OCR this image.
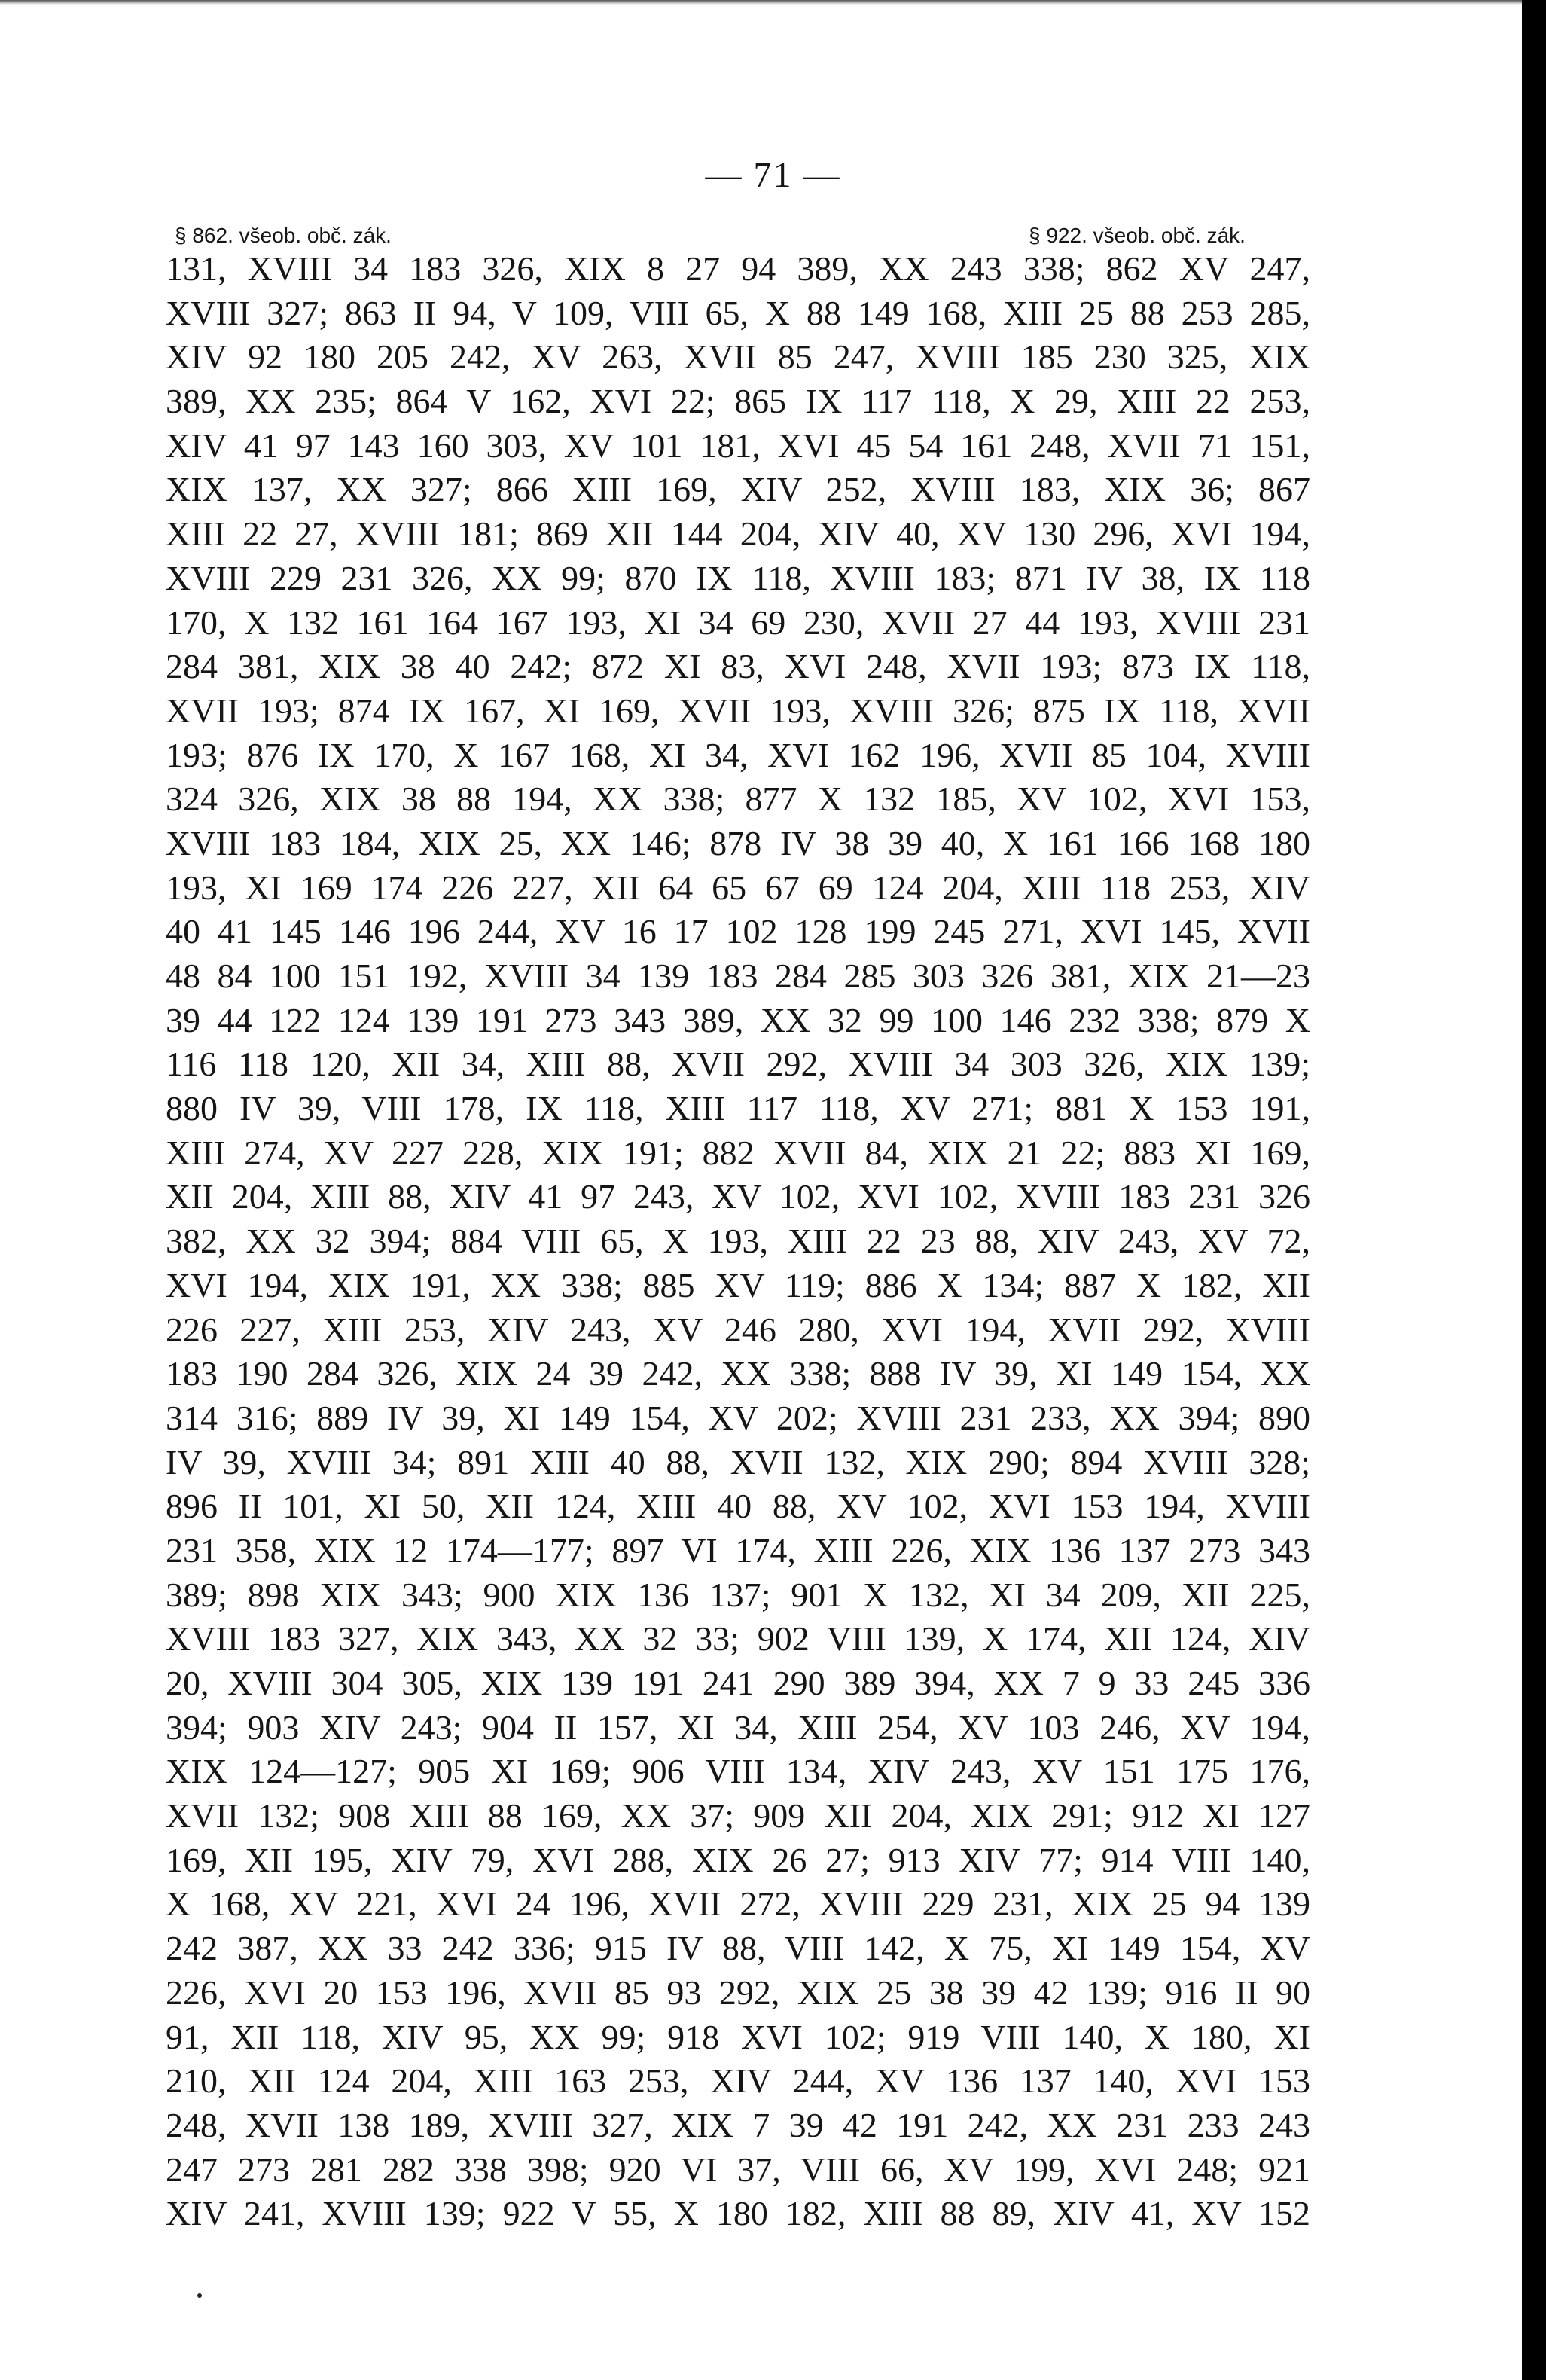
— 71 —
§ 862. všeob. obč. zák.	§ 922. všeob. obč. zák.
131, XVIII 34 183 326, XIX 8 27 94 389, XX 243 338; 862 XV 247,
XVIII 327; 863 II 94, V 109, VIII 65, X 88 149 168, XIII 25 88 253 285,
XIV 92 180 205 242, XV 263, XVII 85 247, XVIII 185 230 325, XIX
389, XX 235; 864 V 162, XVI 22; 865 IX 117 118, X 29, XIII 22 253,
XIV 41 97 143 160 303, XV 101 181, XVI 45 54 161 248, XVII 71 151,
XIX 137, XX 327; 866 XIII 169, XIV 252, XVIII 183, XIX 36; 867
XIII 22 27, XVIII 181; 869 XII 144 204, XIV 40, XV 130 296, XVI 194,
XVIII 229 231 326, XX 99; 870 IX 118, XVIII 183; 871 IV 38, IX 118
170, X 132 161 164 167 193, XI 34 69 230, XVII 27 44 193, XVIII 231
284 381, XIX 38 40 242; 872 XI 83, XVI 248, XVII 193; 873 IX 118,
XVII 193; 874 IX 167, XI 169, XVII 193, XVIII 326; 875 IX 118, XVII
193; 876 IX 170, X 167 168, XI 34, XVI 162 196, XVII 85 104, XVIII
324 326, XIX 38 88 194, XX 338; 877 X 132 185, XV 102, XVI 153,
XVIII 183 184, XIX 25, XX 146; 878 IV 38 39 40, X 161 166 168 180
193, XI 169 174 226 227, XII 64 65 67 69 124 204, XIII 118 253, XIV
40 41 145 146 196 244, XV 16 17 102 128 199 245 271, XVI 145, XVII
48 84 100 151 192, XVIII 34 139 183 284 285 303 326 381, XIX 21—23
39 44 122 124 139 191 273 343 389, XX 32 99 100 146 232 338; 879 X
116 118 120, XII 34, XIII 88, XVII 292, XVIII 34 303 326, XIX 139;
880 IV 39, VIII 178, IX 118, XIII 117 118, XV 271; 881 X 153 191,
XIII 274, XV 227 228, XIX 191; 882 XVII 84, XIX 21 22; 883 XI 169,
XII 204, XIII 88, XIV 41 97 243, XV 102, XVI 102, XVIII 183 231 326
382, XX 32 394; 884 VIII 65, X 193, XIII 22 23 88, XIV 243, XV 72,
XVI 194, XIX 191, XX 338; 885 XV 119; 886 X 134; 887 X 182, XII
226 227, XIII 253, XIV 243, XV 246 280, XVI 194, XVII 292, XVIII
183 190 284 326, XIX 24 39 242, XX 338; 888 IV 39, XI 149 154, XX
314 316; 889 IV 39, XI 149 154, XV 202; XVIII 231 233, XX 394; 890
IV 39, XVIII 34; 891 XIII 40 88, XVII 132, XIX 290; 894 XVIII 328;
896 II 101, XI 50, XII 124, XIII 40 88, XV 102, XVI 153 194, XVIII
231 358, XIX 12 174—177; 897 VI 174, XIII 226, XIX 136 137 273 343
389; 898 XIX 343; 900 XIX 136 137; 901 X 132, XI 34 209, XII 225,
XVIII 183 327, XIX 343, XX 32 33; 902 VIII 139, X 174, XII 124, XIV
20, XVIII 304 305, XIX 139 191 241 290 389 394, XX 7 9 33 245 336
394; 903 XIV 243; 904 II 157, XI 34, XIII 254, XV 103 246, XV 194,
XIX 124—127; 905 XI 169; 906 VIII 134, XIV 243, XV 151 175 176,
XVII 132; 908 XIII 88 169, XX 37; 909 XII 204, XIX 291; 912 XI 127
169, XII 195, XIV 79, XVI 288, XIX 26 27; 913 XIV 77; 914 VIII 140,
X 168, XV 221, XVI 24 196, XVII 272, XVIII 229 231, XIX 25 94 139
242 387, XX 33 242 336; 915 IV 88, VIII 142, X 75, XI 149 154, XV
226, XVI 20 153 196, XVII 85 93 292, XIX 25 38 39 42 139; 916 II 90
91, XII 118, XIV 95, XX 99; 918 XVI 102; 919 VIII 140, X 180, XI
210, XII 124 204, XIII 163 253, XIV 244, XV 136 137 140, XVI 153
248, XVII 138 189, XVIII 327, XIX 7 39 42 191 242, XX 231 233 243
247 273 281 282 338 398; 920 VI 37, VIII 66, XV 199, XVI 248; 921
XIV 241, XVIII 139; 922 V 55, X 180 182, XIII 88 89, XIV 41, XV 152
